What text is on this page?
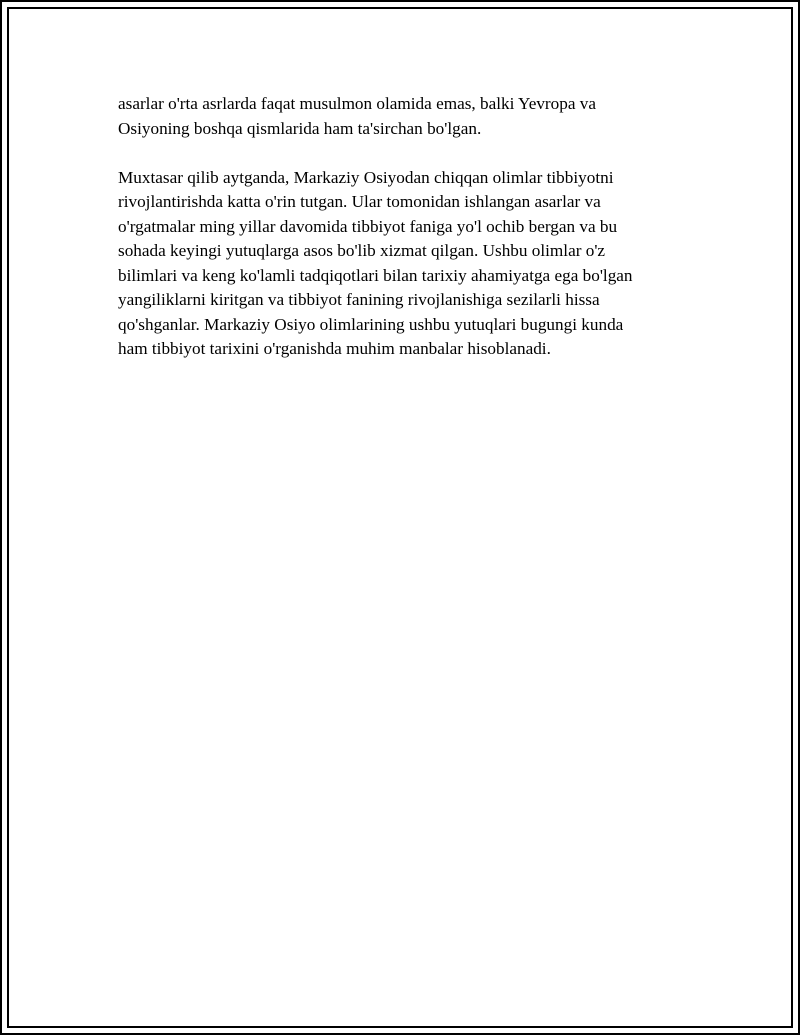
asarlar o'rta asrlarda faqat musulmon olamida emas, balki Yevropa va
Osiyoning boshqa qismlarida ham ta'sirchan bo'lgan.
Muxtasar qilib aytganda, Markaziy Osiyodan chiqqan olimlar tibbiyotni
rivojlantirishda katta o'rin tutgan. Ular tomonidan ishlangan asarlar va
o'rgatmalar ming yillar davomida tibbiyot faniga yo'l ochib bergan va bu
sohada keyingi yutuqlarga asos bo'lib xizmat qilgan. Ushbu olimlar o'z
bilimlari va keng ko'lamli tadqiqotlari bilan tarixiy ahamiyatga ega bo'lgan
yangiliklarni kiritgan va tibbiyot fanining rivojlanishiga sezilarli hissa
qo'shganlar. Markaziy Osiyo olimlarining ushbu yutuqlari bugungi kunda
ham tibbiyot tarixini o'rganishda muhim manbalar hisoblanadi.
